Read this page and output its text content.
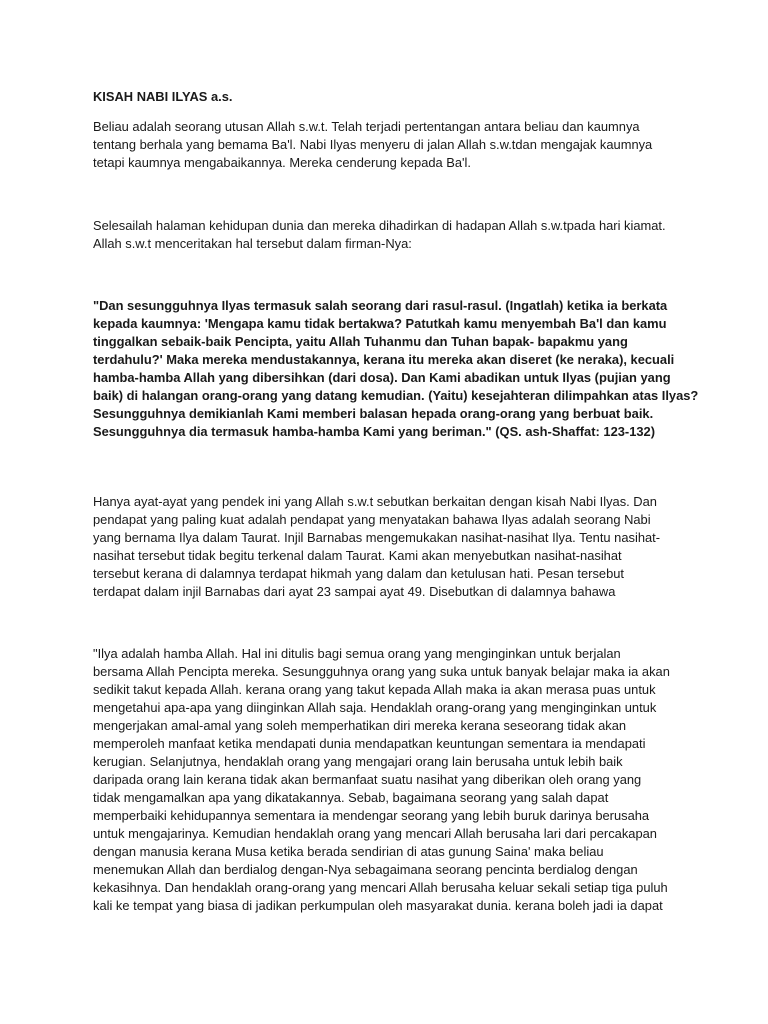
KISAH NABI ILYAS a.s.

Beliau adalah seorang utusan Allah s.w.t. Telah terjadi pertentangan antara beliau dan kaumnya
tentang berhala yang bemama Ba'l. Nabi Ilyas menyeru di jalan Allah s.w.tdan mengajak kaumnya
tetapi kaumnya mengabaikannya. Mereka cenderung kepada Ba'l.

Selesailah halaman kehidupan dunia dan mereka dihadirkan di hadapan Allah s.w.tpada hari kiamat.
Allah s.w.t menceritakan hal tersebut dalam firman-Nya:

"Dan sesungguhnya Ilyas termasuk salah seorang dari rasul-rasul. (Ingatlah) ketika ia berkata
kepada kaumnya: 'Mengapa kamu tidak bertakwa? Patutkah kamu menyembah Ba'l dan kamu
tinggalkan sebaik-baik Pencipta, yaitu Allah Tuhanmu dan Tuhan bapak- bapakmu yang
terdahulu?' Maka mereka mendustakannya, kerana itu mereka akan diseret (ke neraka), kecuali
hamba-hamba Allah yang dibersihkan (dari dosa). Dan Kami abadikan untuk Ilyas (pujian yang
baik) di halangan orang-orang yang datang kemudian. (Yaitu) kesejahteran dilimpahkan atas Ilyas?
Sesungguhnya demikianlah Kami memberi balasan hepada orang-orang yang berbuat baik.
Sesungguhnya dia termasuk hamba-hamba Kami yang beriman." (QS. ash-Shaffat: 123-132)

Hanya ayat-ayat yang pendek ini yang Allah s.w.t sebutkan berkaitan dengan kisah Nabi Ilyas. Dan
pendapat yang paling kuat adalah pendapat yang menyatakan bahawa Ilyas adalah seorang Nabi
yang bernama Ilya dalam Taurat. Injil Barnabas mengemukakan nasihat-nasihat Ilya. Tentu nasihat-
nasihat tersebut tidak begitu terkenal dalam Taurat. Kami akan menyebutkan nasihat-nasihat
tersebut kerana di dalamnya terdapat hikmah yang dalam dan ketulusan hati. Pesan tersebut
terdapat dalam injil Barnabas dari ayat 23 sampai ayat 49. Disebutkan di dalamnya bahawa

"Ilya adalah hamba Allah. Hal ini ditulis bagi semua orang yang menginginkan untuk berjalan
bersama Allah Pencipta mereka. Sesungguhnya orang yang suka untuk banyak belajar maka ia akan
sedikit takut kepada Allah. kerana orang yang takut kepada Allah maka ia akan merasa puas untuk
mengetahui apa-apa yang diinginkan Allah saja. Hendaklah orang-orang yang menginginkan untuk
mengerjakan amal-amal yang soleh memperhatikan diri mereka kerana seseorang tidak akan
memperoleh manfaat ketika mendapati dunia mendapatkan keuntungan sementara ia mendapati
kerugian. Selanjutnya, hendaklah orang yang mengajari orang lain berusaha untuk lebih baik
daripada orang lain kerana tidak akan bermanfaat suatu nasihat yang diberikan oleh orang yang
tidak mengamalkan apa yang dikatakannya. Sebab, bagaimana seorang yang salah dapat
memperbaiki kehidupannya sementara ia mendengar seorang yang lebih buruk darinya berusaha
untuk mengajarinya. Kemudian hendaklah orang yang mencari Allah berusaha lari dari percakapan
dengan manusia kerana Musa ketika berada sendirian di atas gunung Saina' maka beliau
menemukan Allah dan berdialog dengan-Nya sebagaimana seorang pencinta berdialog dengan
kekasihnya. Dan hendaklah orang-orang yang mencari Allah berusaha keluar sekali setiap tiga puluh
kali ke tempat yang biasa di jadikan perkumpulan oleh masyarakat dunia. kerana boleh jadi ia dapat
